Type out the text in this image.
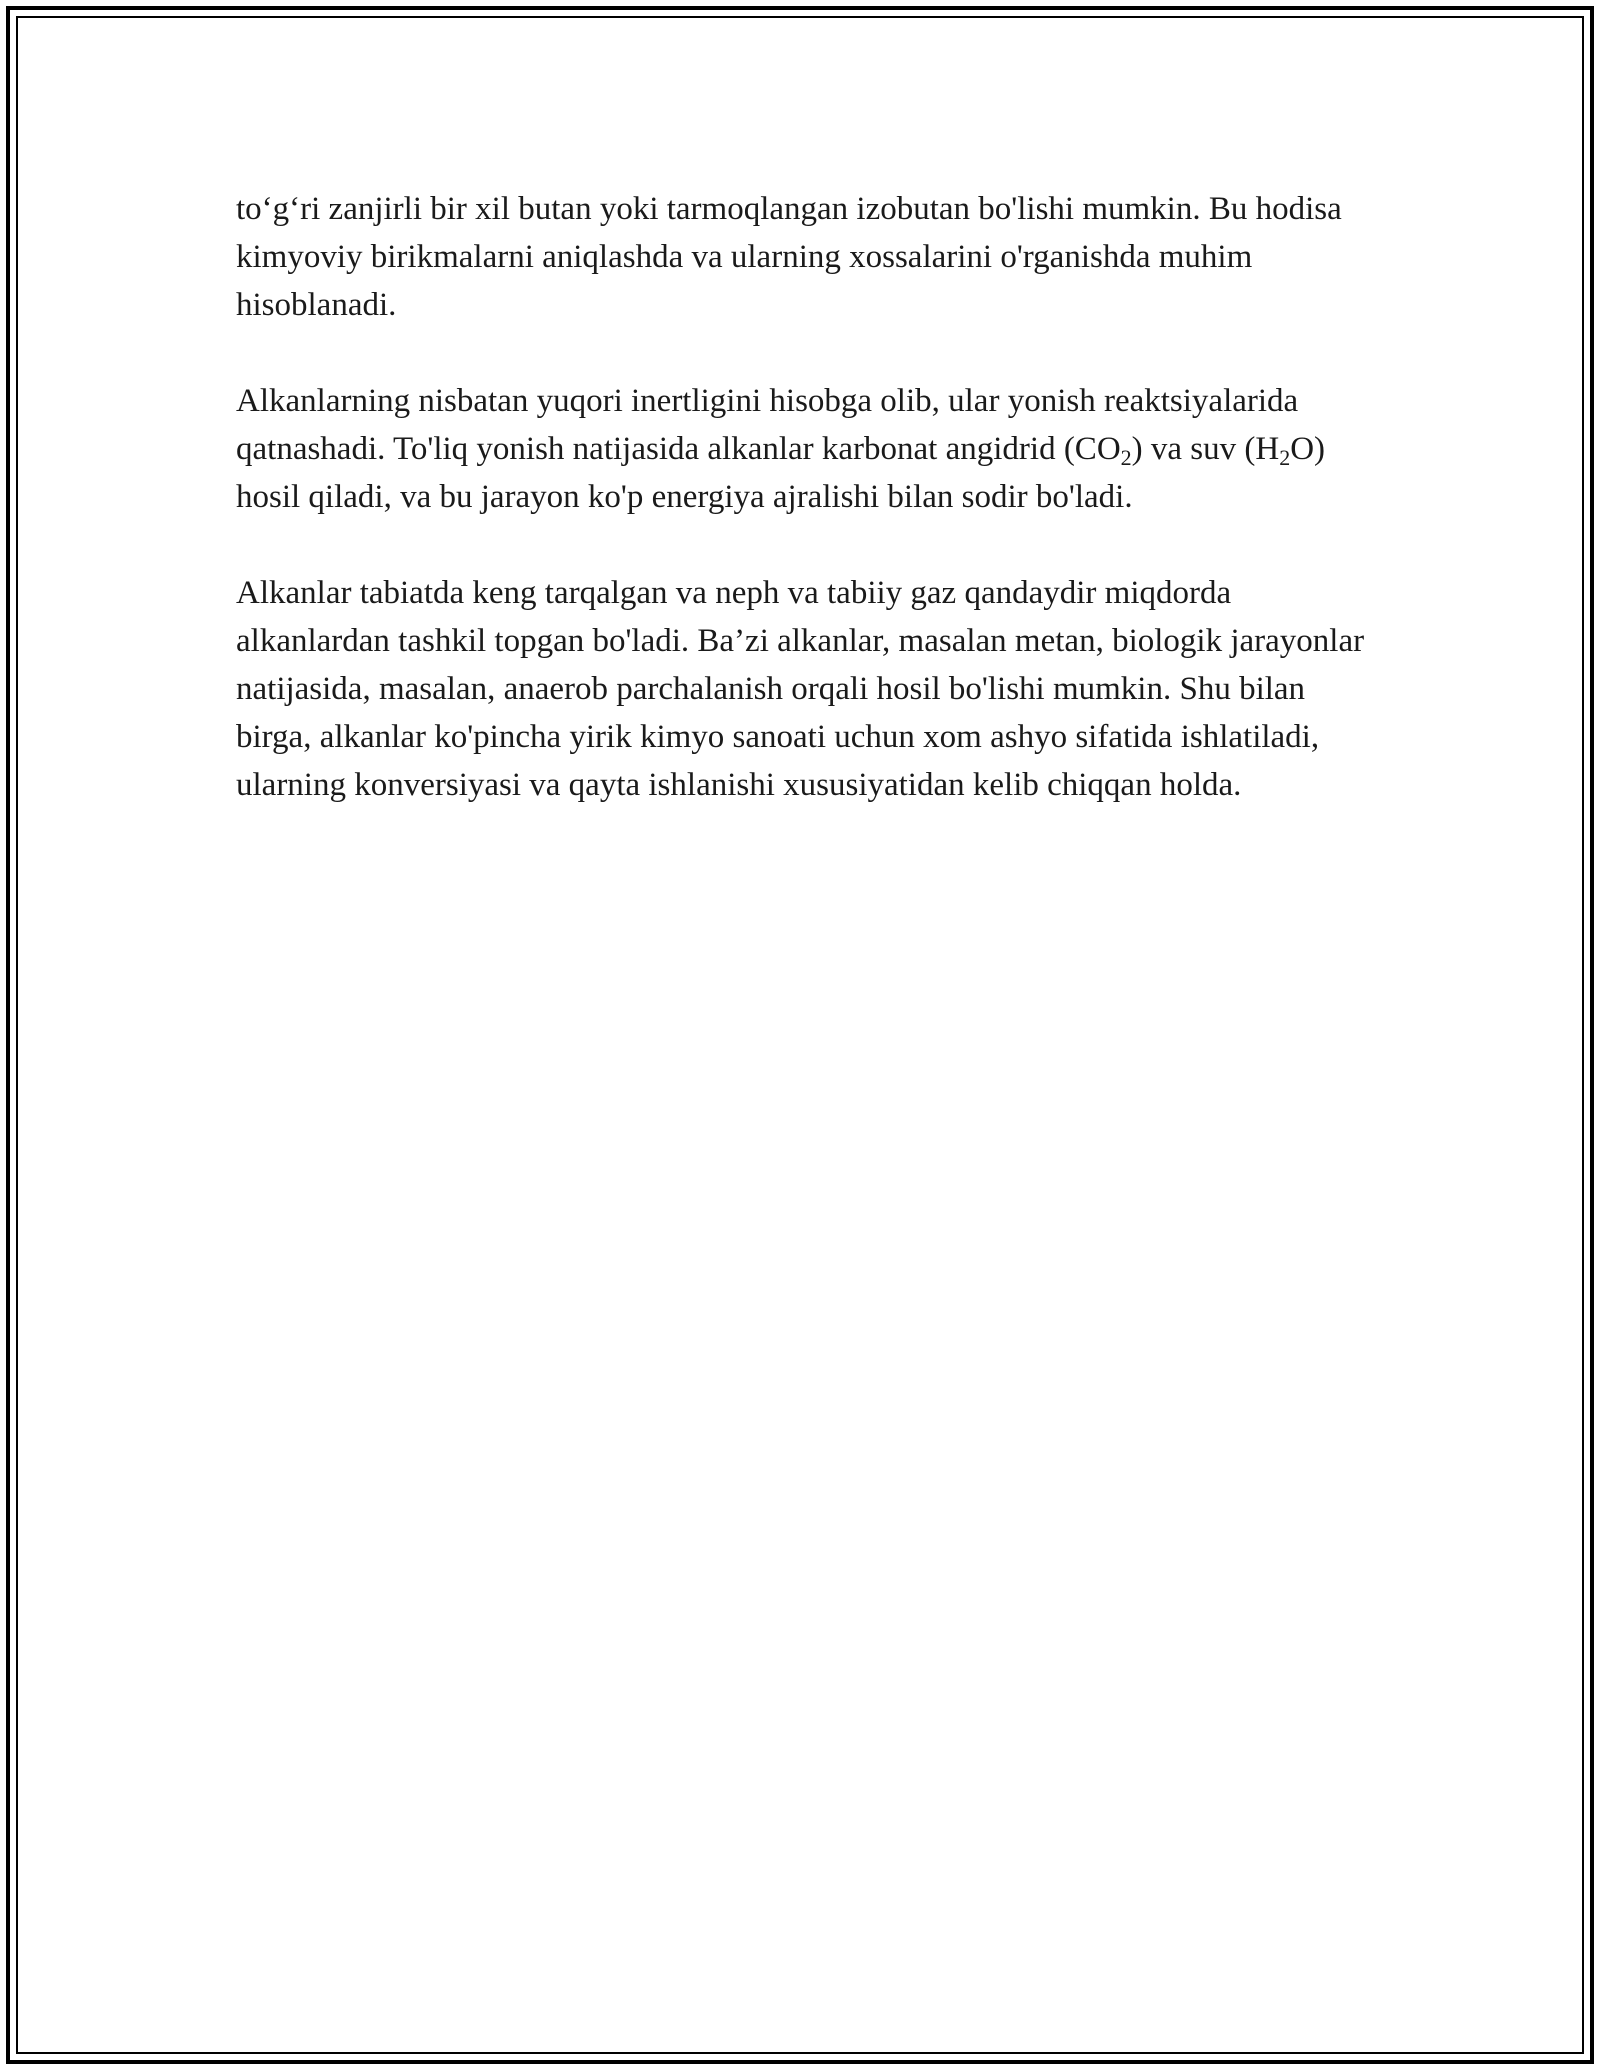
to‘g‘ri zanjirli bir xil butan yoki tarmoqlangan izobutan bo'lishi mumkin. Bu hodisa kimyoviy birikmalarni aniqlashda va ularning xossalarini o'rganishda muhim hisoblanadi.

Alkanlarning nisbatan yuqori inertligini hisobga olib, ular yonish reaktsiyalarida qatnashadi. To'liq yonish natijasida alkanlar karbonat angidrid $(CO_2)$ va suv $(H_2O)$ hosil qiladi, va bu jarayon ko'p energiya ajralishi bilan sodir bo'ladi.

Alkanlar tabiatda keng tarqalgan va neph va tabiiy gaz qandaydir miqdorda alkanlardan tashkil topgan bo'ladi. Ba’zi alkanlar, masalan metan, biologik jarayonlar natijasida, masalan, anaerob parchalanish orqali hosil bo'lishi mumkin. Shu bilan birga, alkanlar ko'pincha yirik kimyo sanoati uchun xom ashyo sifatida ishlatiladi, ularning konversiyasi va qayta ishlanishi xususiyatidan kelib chiqqan holda.
